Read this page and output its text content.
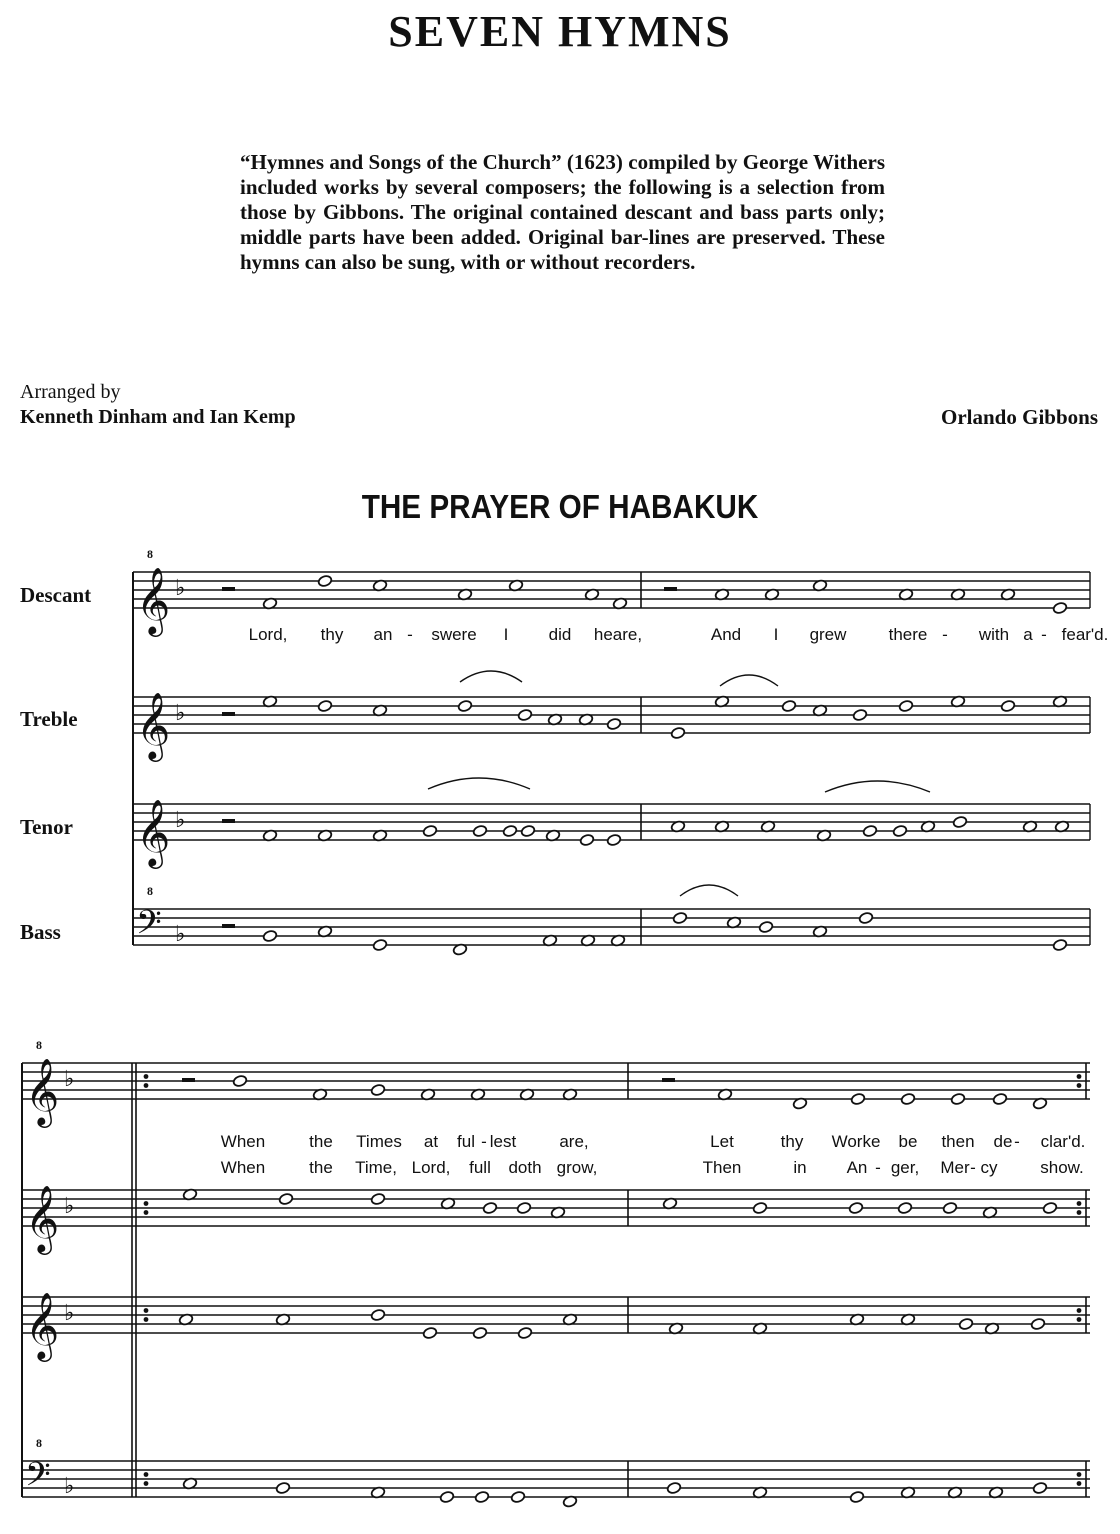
SEVEN HYMNS

“Hymnes and Songs of the Church” (1623) compiled by George Withers included works by several composers; the following is a selection from those by Gibbons. The original contained descant and bass parts only; middle parts have been added. Original bar-lines are preserved. These hymns can also be sung, with or without recorders.

Arranged by
Kenneth Dinham and Ian Kemp	Orlando Gibbons
THE PRAYER OF HABAKUK
Descant
Treble
Tenor
Bass
𝄞
8
♭
𝄞 ♭
𝄞 ♭
𝄢
8
♭
Lord, thy an - swere I did heare,	And I grew there - with a - fear'd.
𝄞
8
♭
𝄞 ♭
𝄞 ♭
𝄢
8
♭
When	the Times at ful - lest	are,	Let	thy Worke be then de - clar'd.
When	the Time, Lord, full doth grow,	Then	in An - ger, Mer - cy	show.
